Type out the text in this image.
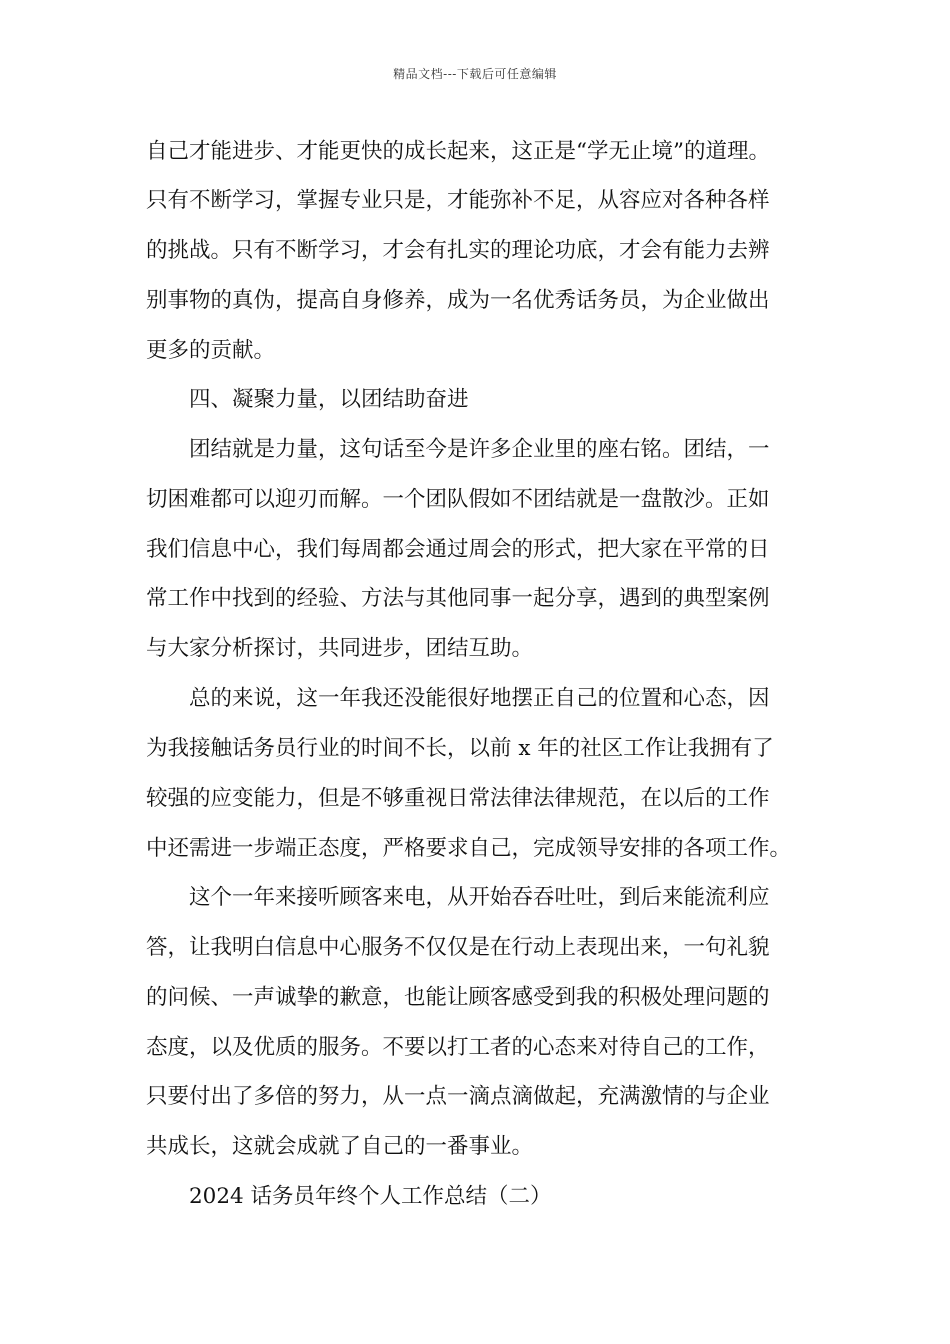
精品文档---下载后可任意编辑
自己才能进步、才能更快的成长起来，这正是“学无止境”的道理。
只有不断学习，掌握专业只是，才能弥补不足，从容应对各种各样
的挑战。只有不断学习，才会有扎实的理论功底，才会有能力去辨
别事物的真伪，提高自身修养，成为一名优秀话务员，为企业做出
更多的贡献。
四、凝聚力量，以团结助奋进
团结就是力量，这句话至今是许多企业里的座右铭。团结，一
切困难都可以迎刃而解。一个团队假如不团结就是一盘散沙。正如
我们信息中心，我们每周都会通过周会的形式，把大家在平常的日
常工作中找到的经验、方法与其他同事一起分享，遇到的典型案例
与大家分析探讨，共同进步，团结互助。
总的来说，这一年我还没能很好地摆正自己的位置和心态，因
为我接触话务员行业的时间不长，以前 x 年的社区工作让我拥有了
较强的应变能力，但是不够重视日常法律法律规范，在以后的工作
中还需进一步端正态度，严格要求自己，完成领导安排的各项工作。
这个一年来接听顾客来电，从开始吞吞吐吐，到后来能流利应
答，让我明白信息中心服务不仅仅是在行动上表现出来，一句礼貌
的问候、一声诚挚的歉意，也能让顾客感受到我的积极处理问题的
态度，以及优质的服务。不要以打工者的心态来对待自己的工作，
只要付出了多倍的努力，从一点一滴点滴做起，充满激情的与企业
共成长，这就会成就了自己的一番事业。
2024 话务员年终个人工作总结（二）
